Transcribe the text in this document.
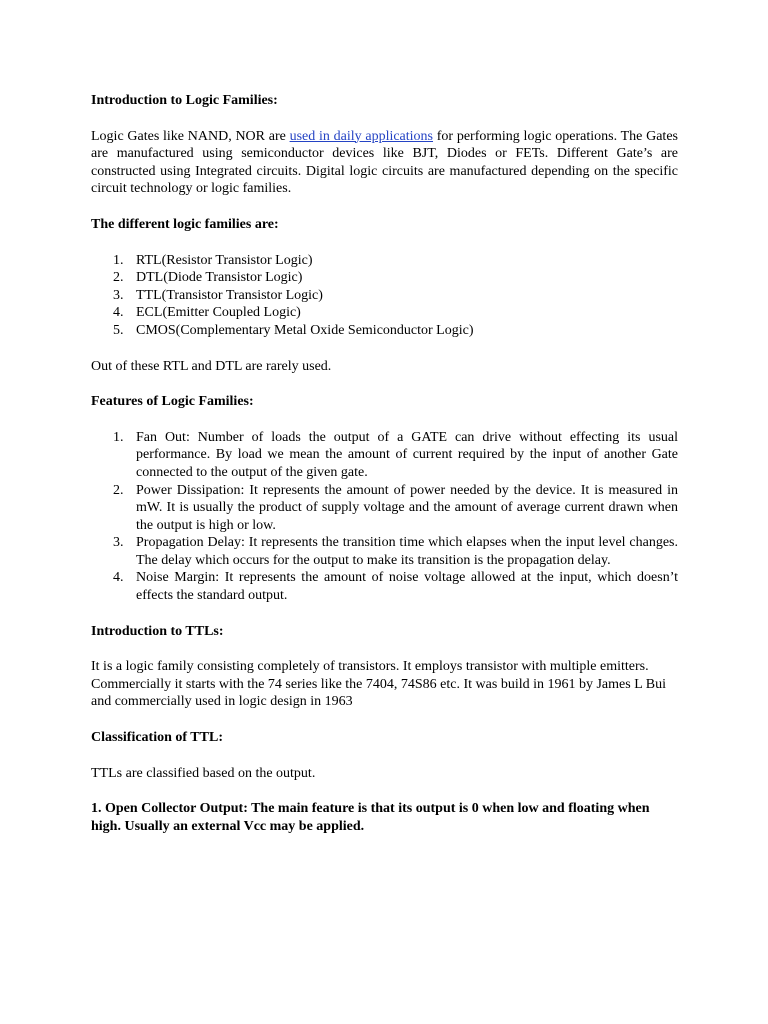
Introduction to Logic Families:

Logic Gates like NAND, NOR are used in daily applications for performing logic operations. The Gates are manufactured using semiconductor devices like BJT, Diodes or FETs. Different Gate’s are constructed using Integrated circuits. Digital logic circuits are manufactured depending on the specific circuit technology or logic families.

The different logic families are:

1. RTL(Resistor Transistor Logic)
2. DTL(Diode Transistor Logic)
3. TTL(Transistor Transistor Logic)
4. ECL(Emitter Coupled Logic)
5. CMOS(Complementary Metal Oxide Semiconductor Logic)

Out of these RTL and DTL are rarely used.

Features of Logic Families:

1. Fan Out: Number of loads the output of a GATE can drive without effecting its usual performance. By load we mean the amount of current required by the input of another Gate connected to the output of the given gate.
2. Power Dissipation: It represents the amount of power needed by the device. It is measured in mW. It is usually the product of supply voltage and the amount of average current drawn when the output is high or low.
3. Propagation Delay: It represents the transition time which elapses when the input level changes. The delay which occurs for the output to make its transition is the propagation delay.
4. Noise Margin: It represents the amount of noise voltage allowed at the input, which doesn’t effects the standard output.

Introduction to TTLs:

It is a logic family consisting completely of transistors. It employs transistor with multiple emitters. Commercially it starts with the 74 series like the 7404, 74S86 etc. It was build in 1961 by James L Bui and commercially used in logic design in 1963

Classification of TTL:

TTLs are classified based on the output.

1. Open Collector Output: The main feature is that its output is 0 when low and floating when high. Usually an external Vcc may be applied.
